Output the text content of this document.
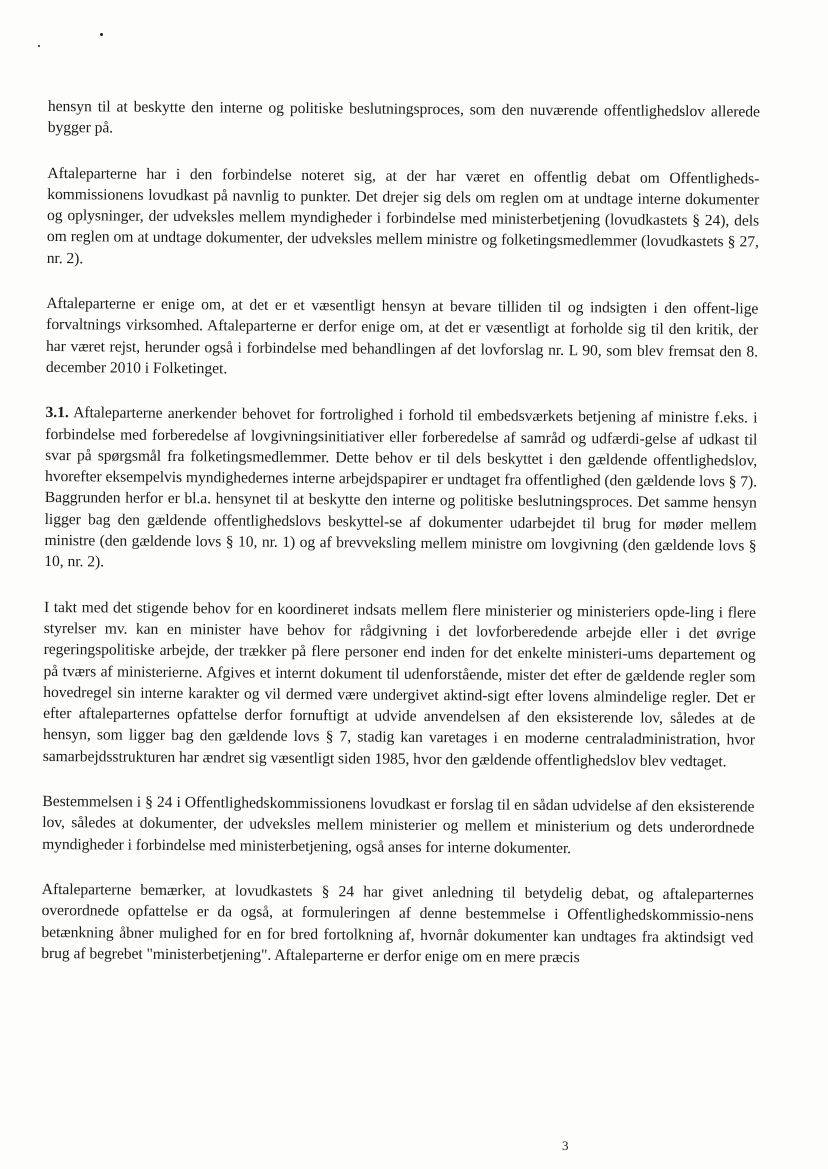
hensyn til at beskytte den interne og politiske beslutningsproces, som den nuværende offentlighedslov allerede bygger på.

Aftaleparterne har i den forbindelse noteret sig, at der har været en offentlig debat om Offentligheds-kommissionens lovudkast på navnlig to punkter. Det drejer sig dels om reglen om at undtage interne dokumenter og oplysninger, der udveksles mellem myndigheder i forbindelse med ministerbetjening (lovudkastets § 24), dels om reglen om at undtage dokumenter, der udveksles mellem ministre og folketingsmedlemmer (lovudkastets § 27, nr. 2).

Aftaleparterne er enige om, at det er et væsentligt hensyn at bevare tilliden til og indsigten i den offent-lige forvaltnings virksomhed. Aftaleparterne er derfor enige om, at det er væsentligt at forholde sig til den kritik, der har været rejst, herunder også i forbindelse med behandlingen af det lovforslag nr. L 90, som blev fremsat den 8. december 2010 i Folketinget.

3.1. Aftaleparterne anerkender behovet for fortrolighed i forhold til embedsværkets betjening af ministre f.eks. i forbindelse med forberedelse af lovgivningsinitiativer eller forberedelse af samråd og udfærdi-gelse af udkast til svar på spørgsmål fra folketingsmedlemmer. Dette behov er til dels beskyttet i den gældende offentlighedslov, hvorefter eksempelvis myndighedernes interne arbejdspapirer er undtaget fra offentlighed (den gældende lovs § 7). Baggrunden herfor er bl.a. hensynet til at beskytte den interne og politiske beslutningsproces. Det samme hensyn ligger bag den gældende offentlighedslovs beskyttel-se af dokumenter udarbejdet til brug for møder mellem ministre (den gældende lovs § 10, nr. 1) og af brevveksling mellem ministre om lovgivning (den gældende lovs § 10, nr. 2).

I takt med det stigende behov for en koordineret indsats mellem flere ministerier og ministeriers opde-ling i flere styrelser mv. kan en minister have behov for rådgivning i det lovforberedende arbejde eller i det øvrige regeringspolitiske arbejde, der trækker på flere personer end inden for det enkelte ministeri-ums departement og på tværs af ministerierne. Afgives et internt dokument til udenforstående, mister det efter de gældende regler som hovedregel sin interne karakter og vil dermed være undergivet aktind-sigt efter lovens almindelige regler. Det er efter aftaleparternes opfattelse derfor fornuftigt at udvide anvendelsen af den eksisterende lov, således at de hensyn, som ligger bag den gældende lovs § 7, stadig kan varetages i en moderne centraladministration, hvor samarbejdsstrukturen har ændret sig væsentligt siden 1985, hvor den gældende offentlighedslov blev vedtaget.

Bestemmelsen i § 24 i Offentlighedskommissionens lovudkast er forslag til en sådan udvidelse af den eksisterende lov, således at dokumenter, der udveksles mellem ministerier og mellem et ministerium og dets underordnede myndigheder i forbindelse med ministerbetjening, også anses for interne dokumenter.

Aftaleparterne bemærker, at lovudkastets § 24 har givet anledning til betydelig debat, og aftaleparternes overordnede opfattelse er da også, at formuleringen af denne bestemmelse i Offentlighedskommissio-nens betænkning åbner mulighed for en for bred fortolkning af, hvornår dokumenter kan undtages fra aktindsigt ved brug af begrebet "ministerbetjening". Aftaleparterne er derfor enige om en mere præcis

3
